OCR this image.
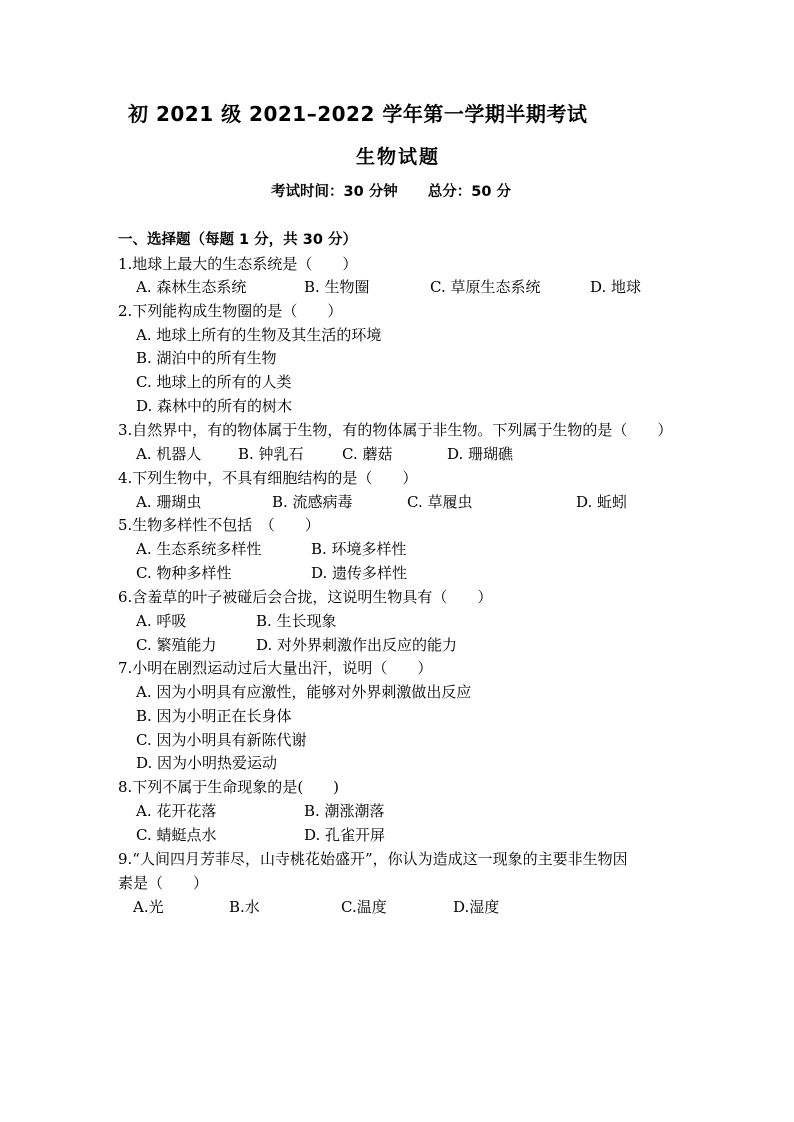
初 2021 级 2021–2022 学年第一学期半期考试
生物试题
考试时间：30 分钟 总分：50 分
一、选择题（每题 1 分，共 30 分）
1.地球上最大的生态系统是（　　）
A. 森林生态系统	B. 生物圈	C. 草原生态系统	D. 地球
2.下列能构成生物圈的是（　　）
A. 地球上所有的生物及其生活的环境
B. 湖泊中的所有生物
C. 地球上的所有的人类
D. 森林中的所有的树木
3.自然界中，有的物体属于生物，有的物体属于非生物。下列属于生物的是（　　）
A. 机器人 B. 钟乳石	C. 蘑菇	D. 珊瑚礁
4.下列生物中，不具有细胞结构的是（　　）
A. 珊瑚虫	B. 流感病毒	C. 草履虫	D. 蚯蚓
5.生物多样性不包括　（　　）
A. 生态系统多样性	B. 环境多样性
C. 物种多样性	D. 遗传多样性
6.含羞草的叶子被碰后会合拢，这说明生物具有（　　）
A. 呼吸	B. 生长现象
C. 繁殖能力	D. 对外界刺激作出反应的能力
7.小明在剧烈运动过后大量出汗，说明（　　）
A. 因为小明具有应激性，能够对外界刺激做出反应
B. 因为小明正在长身体
C. 因为小明具有新陈代谢
D. 因为小明热爱运动
8.下列不属于生命现象的是(　　)
A. 花开花落	B. 潮涨潮落
C. 蜻蜓点水	D. 孔雀开屏
9.“人间四月芳菲尽，山寺桃花始盛开”，你认为造成这一现象的主要非生物因
素是（　　）
A.光	B.水	C.温度	D.湿度
